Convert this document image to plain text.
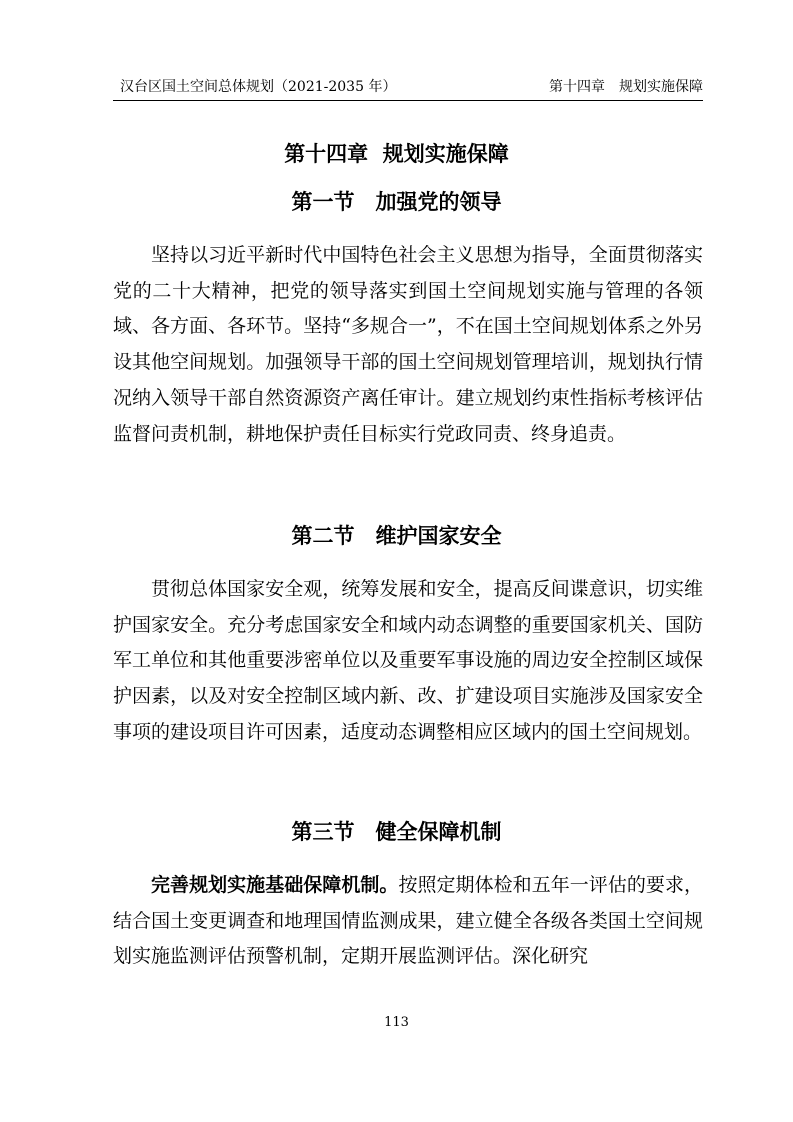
汉台区国土空间总体规划（2021-2035 年）	第十四章　规划实施保障
第十四章  规划实施保障
第一节　加强党的领导

坚持以习近平新时代中国特色社会主义思想为指导，全面贯彻落实党的二十大精神，把党的领导落实到国土空间规划实施与管理的各领域、各方面、各环节。坚持“多规合一”，不在国土空间规划体系之外另设其他空间规划。加强领导干部的国土空间规划管理培训，规划执行情况纳入领导干部自然资源资产离任审计。建立规划约束性指标考核评估监督问责机制，耕地保护责任目标实行党政同责、终身追责。

第二节　维护国家安全

贯彻总体国家安全观，统筹发展和安全，提高反间谍意识，切实维护国家安全。充分考虑国家安全和域内动态调整的重要国家机关、国防军工单位和其他重要涉密单位以及重要军事设施的周边安全控制区域保护因素，以及对安全控制区域内新、改、扩建设项目实施涉及国家安全事项的建设项目许可因素，适度动态调整相应区域内的国土空间规划。

第三节　健全保障机制

完善规划实施基础保障机制。按照定期体检和五年一评估的要求，结合国土变更调查和地理国情监测成果，建立健全各级各类国土空间规划实施监测评估预警机制，定期开展监测评估。深化研究

113
